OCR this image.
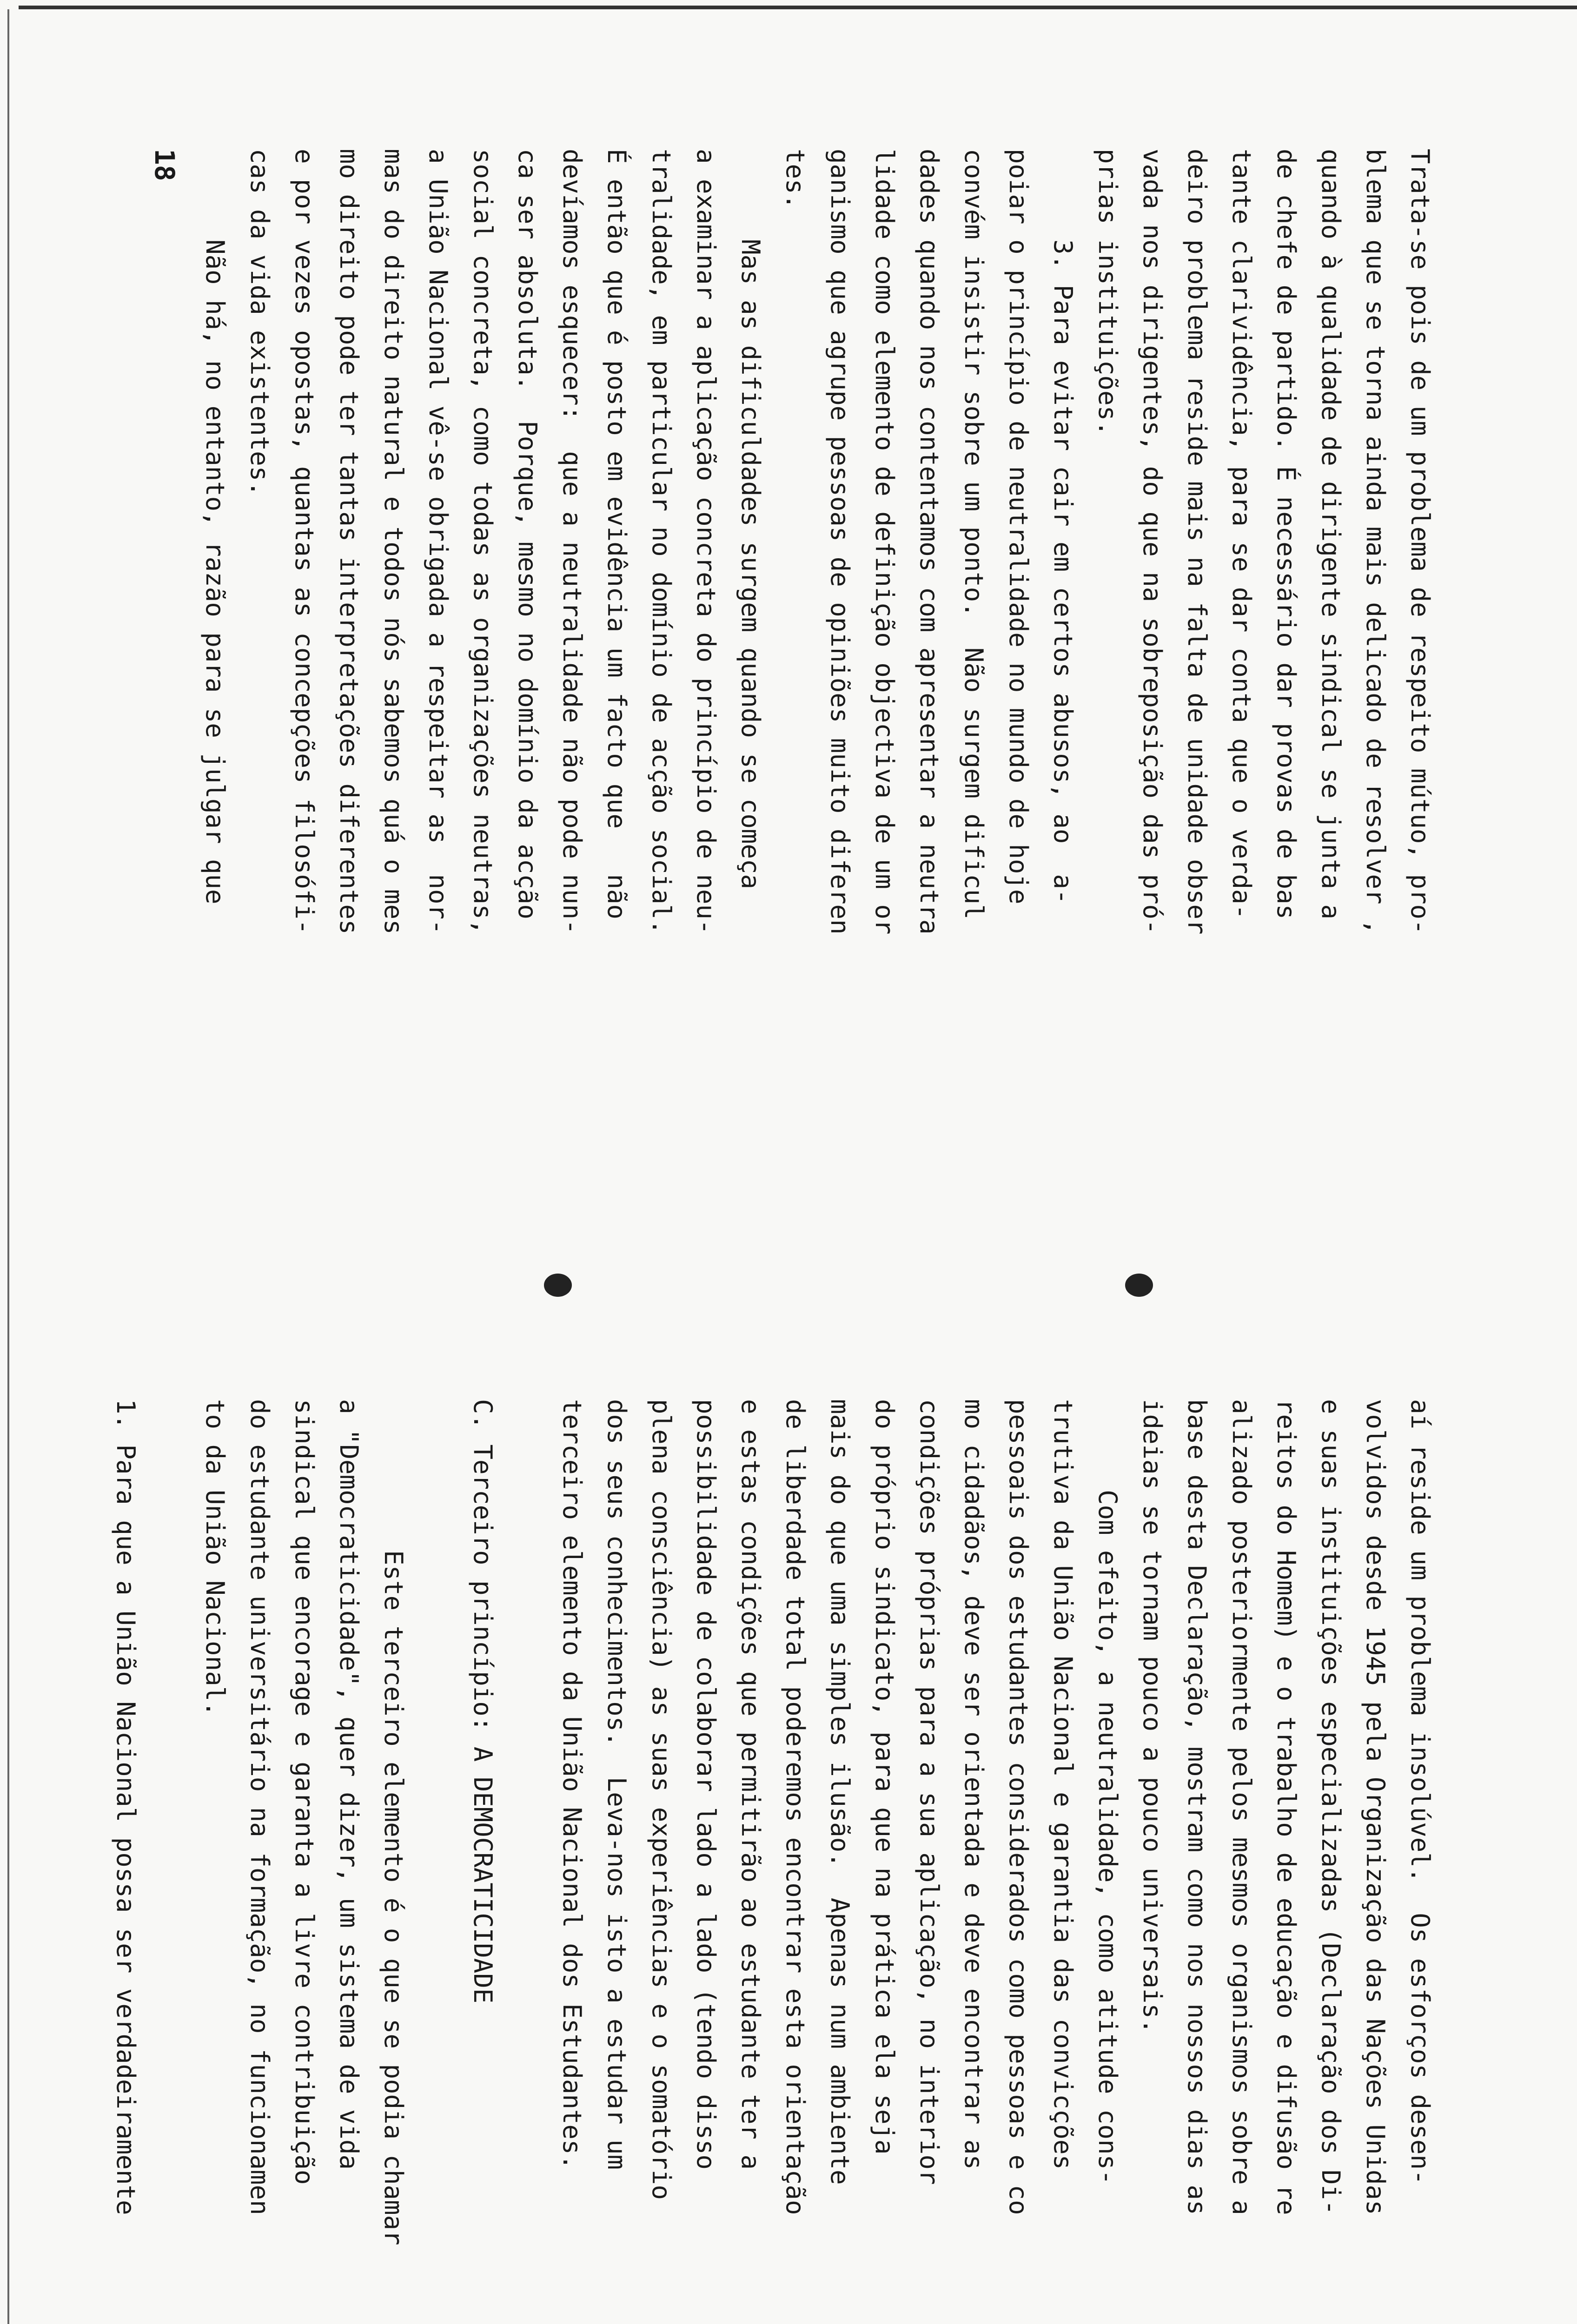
18	Trata-se pois de um problema de respeito mútuo, pro-
blema que se torna ainda mais delicado de resolver ,
quando à qualidade de dirigente sindical se junta a
de chefe de partido. É necessário dar provas de bas
tante clarividência, para se dar conta que o verda-
deiro problema reside mais na falta de unidade obser
vada nos dirigentes, do que na sobreposição das pró-
prias instituições.
3. Para evitar cair em certos abusos, ao  a-
poiar o princípio de neutralidade no mundo de hoje
convém insistir sobre um ponto.  Não surgem dificul
dades quando nos contentamos com apresentar a neutra
lidade como elemento de definição objectiva de um or
ganismo que agrupe pessoas de opiniões muito diferen
tes.
Mas as dificuldades surgem quando se começa
a examinar a aplicação concreta do princípio de neu-
tralidade, em particular no domínio de acção social.
É então que é posto em evidência um facto que   não
devíamos esquecer:  que a neutralidade não pode nun-
ca ser absoluta.  Porque, mesmo no domínio da acção
social concreta, como todas as organizações neutras,
a União Nacional vê-se obrigada a respeitar as  nor-
mas do direito natural e todos nós sabemos quá o mes
mo direito pode ter tantas interpretações diferentes
e por vezes opostas, quantas as concepções filosófi-
cas da vida existentes.
Não há, no entanto, razão para se julgar que
aí reside um problema insolúvel.  Os esforços desen-
volvidos desde 1945 pela Organização das Nações Unidas
e suas instituições especializadas (Declaração dos Di-
reitos do Homem) e o trabalho de educação e difusão re
alizado posteriormente pelos mesmos organismos sobre a
base desta Declaração, mostram como nos nossos dias as
ideias se tornam pouco a pouco universais.
Com efeito, a neutralidade, como atitude cons-
trutiva da União Nacional e garantia das convicções
pessoais dos estudantes considerados como pessoas e co
mo cidadãos, deve ser orientada e deve encontrar as
condições próprias para a sua aplicação, no interior
do próprio sindicato, para que na prática ela seja
mais do que uma simples ilusão.  Apenas num ambiente
de liberdade total poderemos encontrar esta orientação
e estas condições que permitirão ao estudante ter a
possibilidade de colaborar lado a lado (tendo disso
plena consciência) as suas experiências e o somatório
dos seus conhecimentos.  Leva-nos isto a estudar um
terceiro elemento da União Nacional dos Estudantes.
C. Terceiro princípio: A DEMOCRATICIDADE
Este terceiro elemento é o que se podia chamar
a "Democraticidade", quer dizer, um sistema de vida
sindical que encorage e garanta a livre contribuição
do estudante universitário na formação, no funcionamen
to da União Nacional.
1. Para que a União Nacional possa ser verdadeiramente
